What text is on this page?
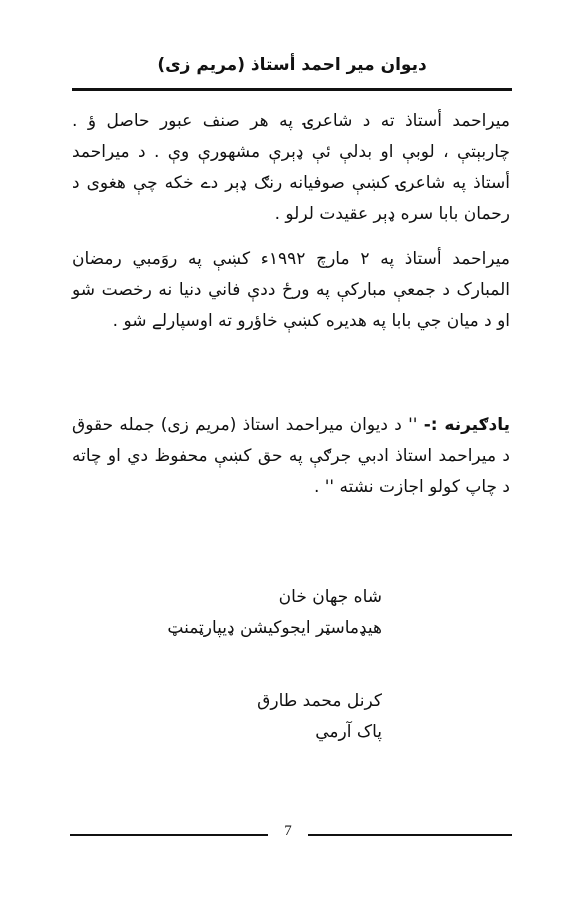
دیوان میر احمد أستاذ (مریم زی)
میراحمد أستاذ ته د شاعرۍ په هر صنف عبور حاصل ؤ . چاربېتې ، لوبې او بدلې ئې ډېرې مشهورې وې . د میراحمد أستاذ په شاعرۍ کښې صوفیانه رنګ ډېر دے خکه چې هغوی د رحمان بابا سره ډېر عقیدت لرلو .
میراحمد أستاذ په ۲ مارچ ۱۹۹۲ء کښې په روَمبي رمضان المبارک د جمعې مبارکې په ورځ ددې فاني دنیا نه رخصت شو او د میان جي بابا په هدیره کښې خاؤرو ته اوسپارلے شو .
یادګیرنه :- '' د دیوان میراحمد استاذ (مریم زی) جمله حقوق د میراحمد استاذ ادبي جرګې په حق کښې محفوظ دي او چاته د چاپ کولو اجازت نشته '' .
شاه جهان خان
هیډماسټر ایجوکیشن ډیپارټمنټ
کرنل محمد طارق
پاک آرمي
7
